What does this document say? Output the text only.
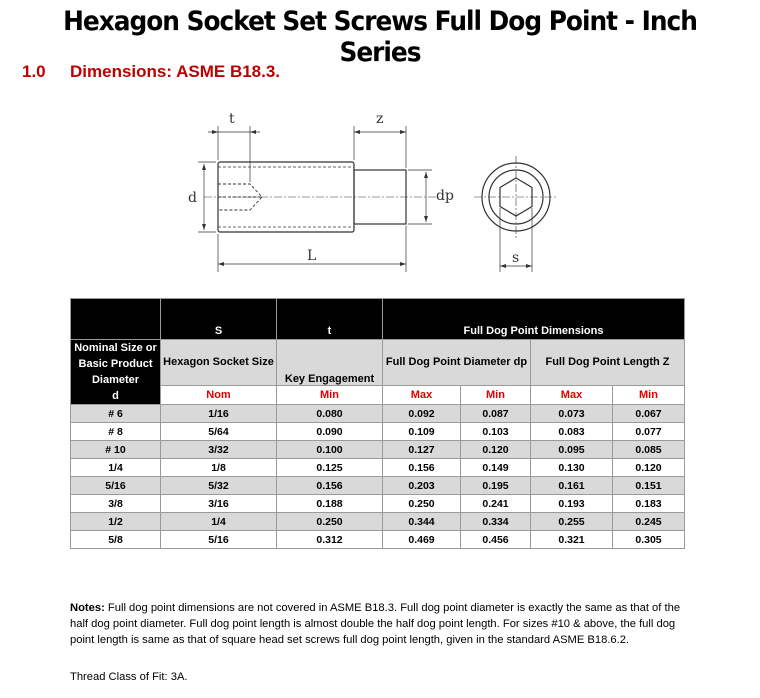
Hexagon Socket Set Screws Full Dog Point - Inch Series
1.0 Dimensions: ASME B18.3.
t	z
d	dp
L	s
	S	t	Full Dog Point Dimensions			
Nominal Size or Basic Product Diameter
d	Hexagon Socket Size	Key Engagement	Full Dog Point Diameter dp		Full Dog Point Length Z	
	Nom	Min	Max	Min	Max	Min
# 6	1/16	0.080	0.092	0.087	0.073	0.067
# 8	5/64	0.090	0.109	0.103	0.083	0.077
# 10	3/32	0.100	0.127	0.120	0.095	0.085
1/4	1/8	0.125	0.156	0.149	0.130	0.120
5/16	5/32	0.156	0.203	0.195	0.161	0.151
3/8	3/16	0.188	0.250	0.241	0.193	0.183
1/2	1/4	0.250	0.344	0.334	0.255	0.245
5/8	5/16	0.312	0.469	0.456	0.321	0.305
Notes: Full dog point dimensions are not covered in ASME B18.3. Full dog point diameter is exactly the same as that of the half dog point diameter. Full dog point length is almost double the half dog point length. For sizes #10 & above, the full dog point length is same as that of square head set screws full dog point length, given in the standard ASME B18.6.2.
Thread Class of Fit: 3A.
